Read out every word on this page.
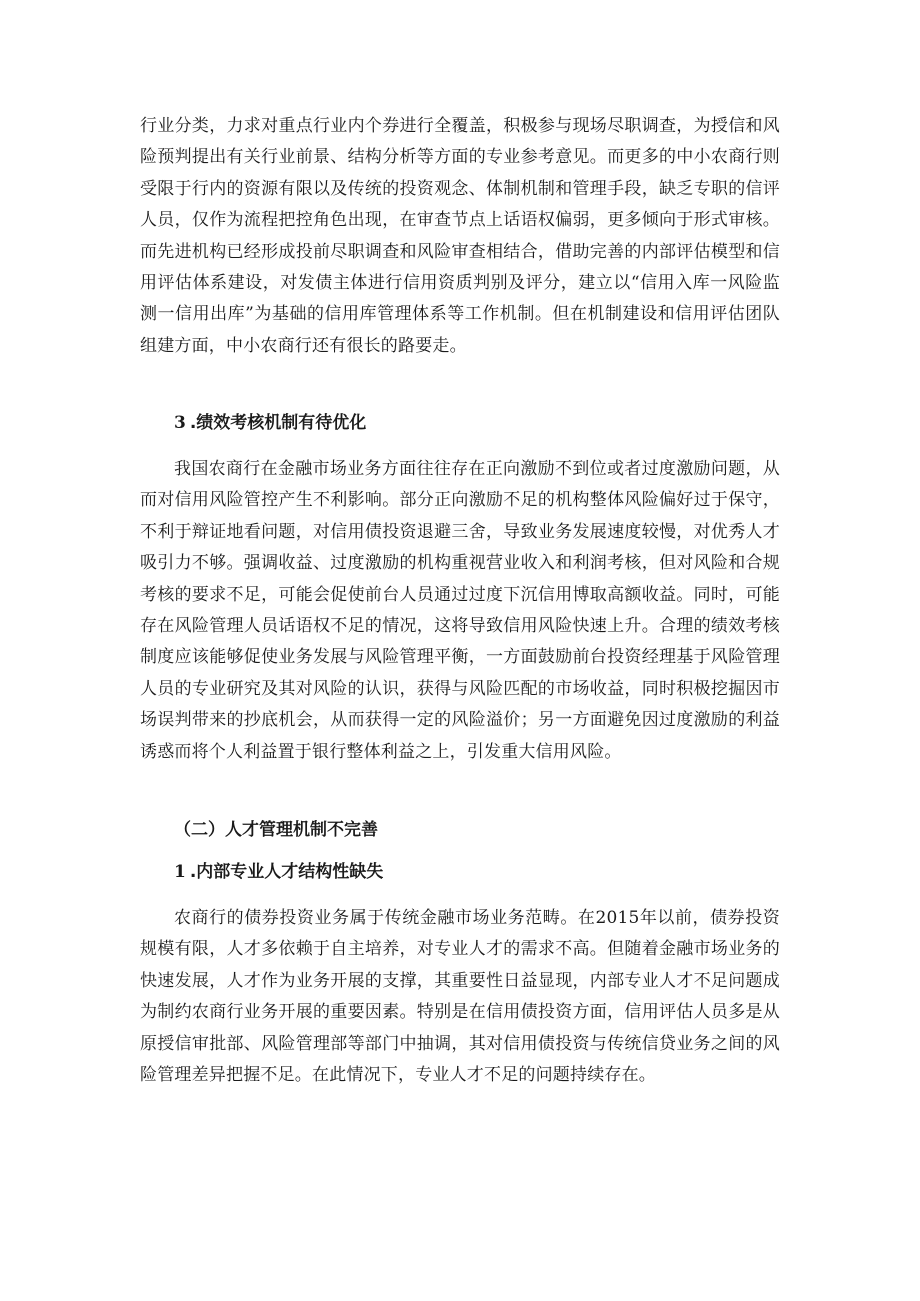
行业分类，力求对重点行业内个券进行全覆盖，积极参与现场尽职调查，为授信和风险预判提出有关行业前景、结构分析等方面的专业参考意见。而更多的中小农商行则受限于行内的资源有限以及传统的投资观念、体制机制和管理手段，缺乏专职的信评人员，仅作为流程把控角色出现，在审查节点上话语权偏弱，更多倾向于形式审核。而先进机构已经形成投前尽职调查和风险审查相结合，借助完善的内部评估模型和信用评估体系建设，对发债主体进行信用资质判别及评分，建立以“信用入库一风险监测一信用出库”为基础的信用库管理体系等工作机制。但在机制建设和信用评估团队组建方面，中小农商行还有很长的路要走。

3 .绩效考核机制有待优化

我国农商行在金融市场业务方面往往存在正向激励不到位或者过度激励问题，从而对信用风险管控产生不利影响。部分正向激励不足的机构整体风险偏好过于保守，不利于辩证地看问题，对信用债投资退避三舍，导致业务发展速度较慢，对优秀人才吸引力不够。强调收益、过度激励的机构重视营业收入和利润考核，但对风险和合规考核的要求不足，可能会促使前台人员通过过度下沉信用博取高额收益。同时，可能存在风险管理人员话语权不足的情况，这将导致信用风险快速上升。合理的绩效考核制度应该能够促使业务发展与风险管理平衡，一方面鼓励前台投资经理基于风险管理人员的专业研究及其对风险的认识，获得与风险匹配的市场收益，同时积极挖掘因市场误判带来的抄底机会，从而获得一定的风险溢价；另一方面避免因过度激励的利益诱惑而将个人利益置于银行整体利益之上，引发重大信用风险。

（二）人才管理机制不完善
1 .内部专业人才结构性缺失

农商行的债券投资业务属于传统金融市场业务范畴。在2015年以前，债券投资规模有限，人才多依赖于自主培养，对专业人才的需求不高。但随着金融市场业务的快速发展，人才作为业务开展的支撑，其重要性日益显现，内部专业人才不足问题成为制约农商行业务开展的重要因素。特别是在信用债投资方面，信用评估人员多是从原授信审批部、风险管理部等部门中抽调，其对信用债投资与传统信贷业务之间的风险管理差异把握不足。在此情况下，专业人才不足的问题持续存在。
